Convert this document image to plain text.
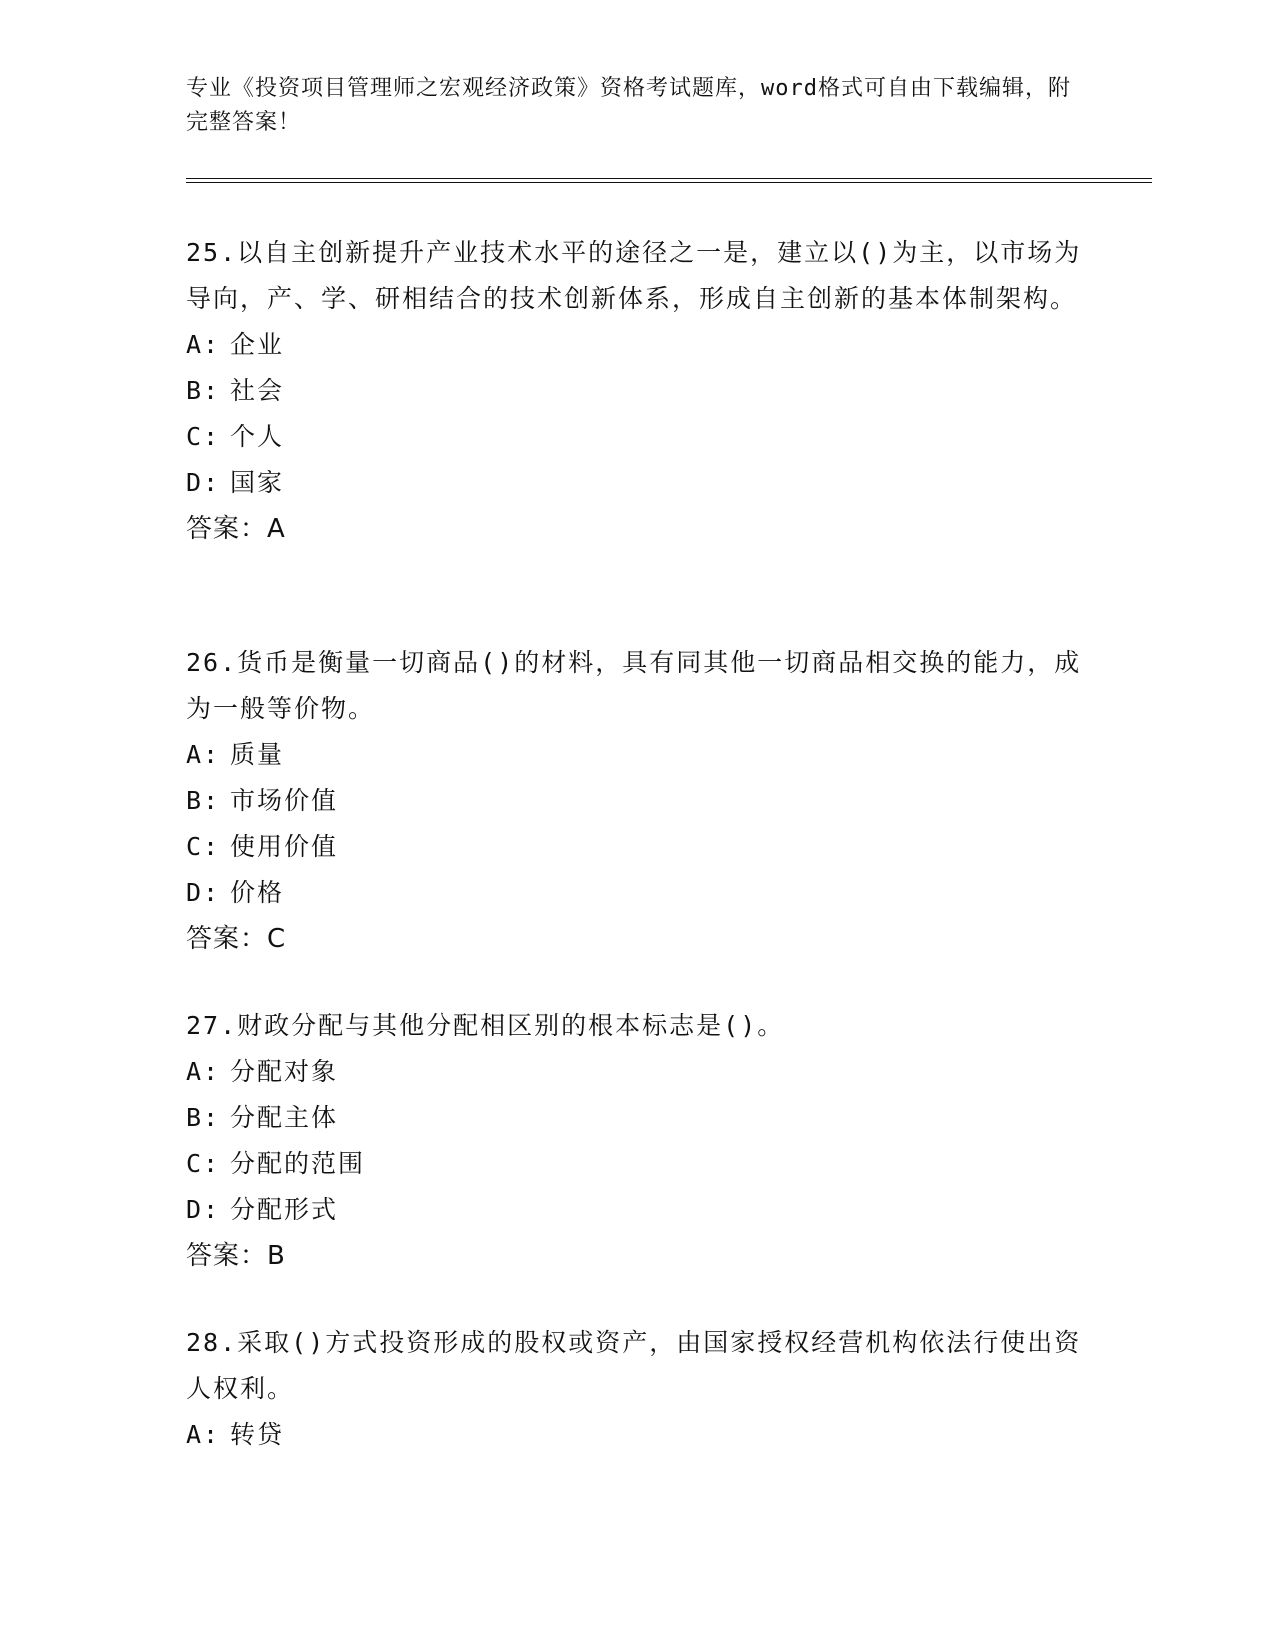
专业《投资项目管理师之宏观经济政策》资格考试题库，word格式可自由下载编辑，附完整答案！

25.以自主创新提升产业技术水平的途径之一是，建立以()为主，以市场为导向，产、学、研相结合的技术创新体系，形成自主创新的基本体制架构。

A: 企业
B: 社会
C: 个人
D: 国家
答案：A

26.货币是衡量一切商品()的材料，具有同其他一切商品相交换的能力，成为一般等价物。

A: 质量
B: 市场价值
C: 使用价值
D: 价格
答案：C

27.财政分配与其他分配相区别的根本标志是()。

A: 分配对象
B: 分配主体
C: 分配的范围
D: 分配形式
答案：B

28.采取()方式投资形成的股权或资产，由国家授权经营机构依法行使出资人权利。

A: 转贷
